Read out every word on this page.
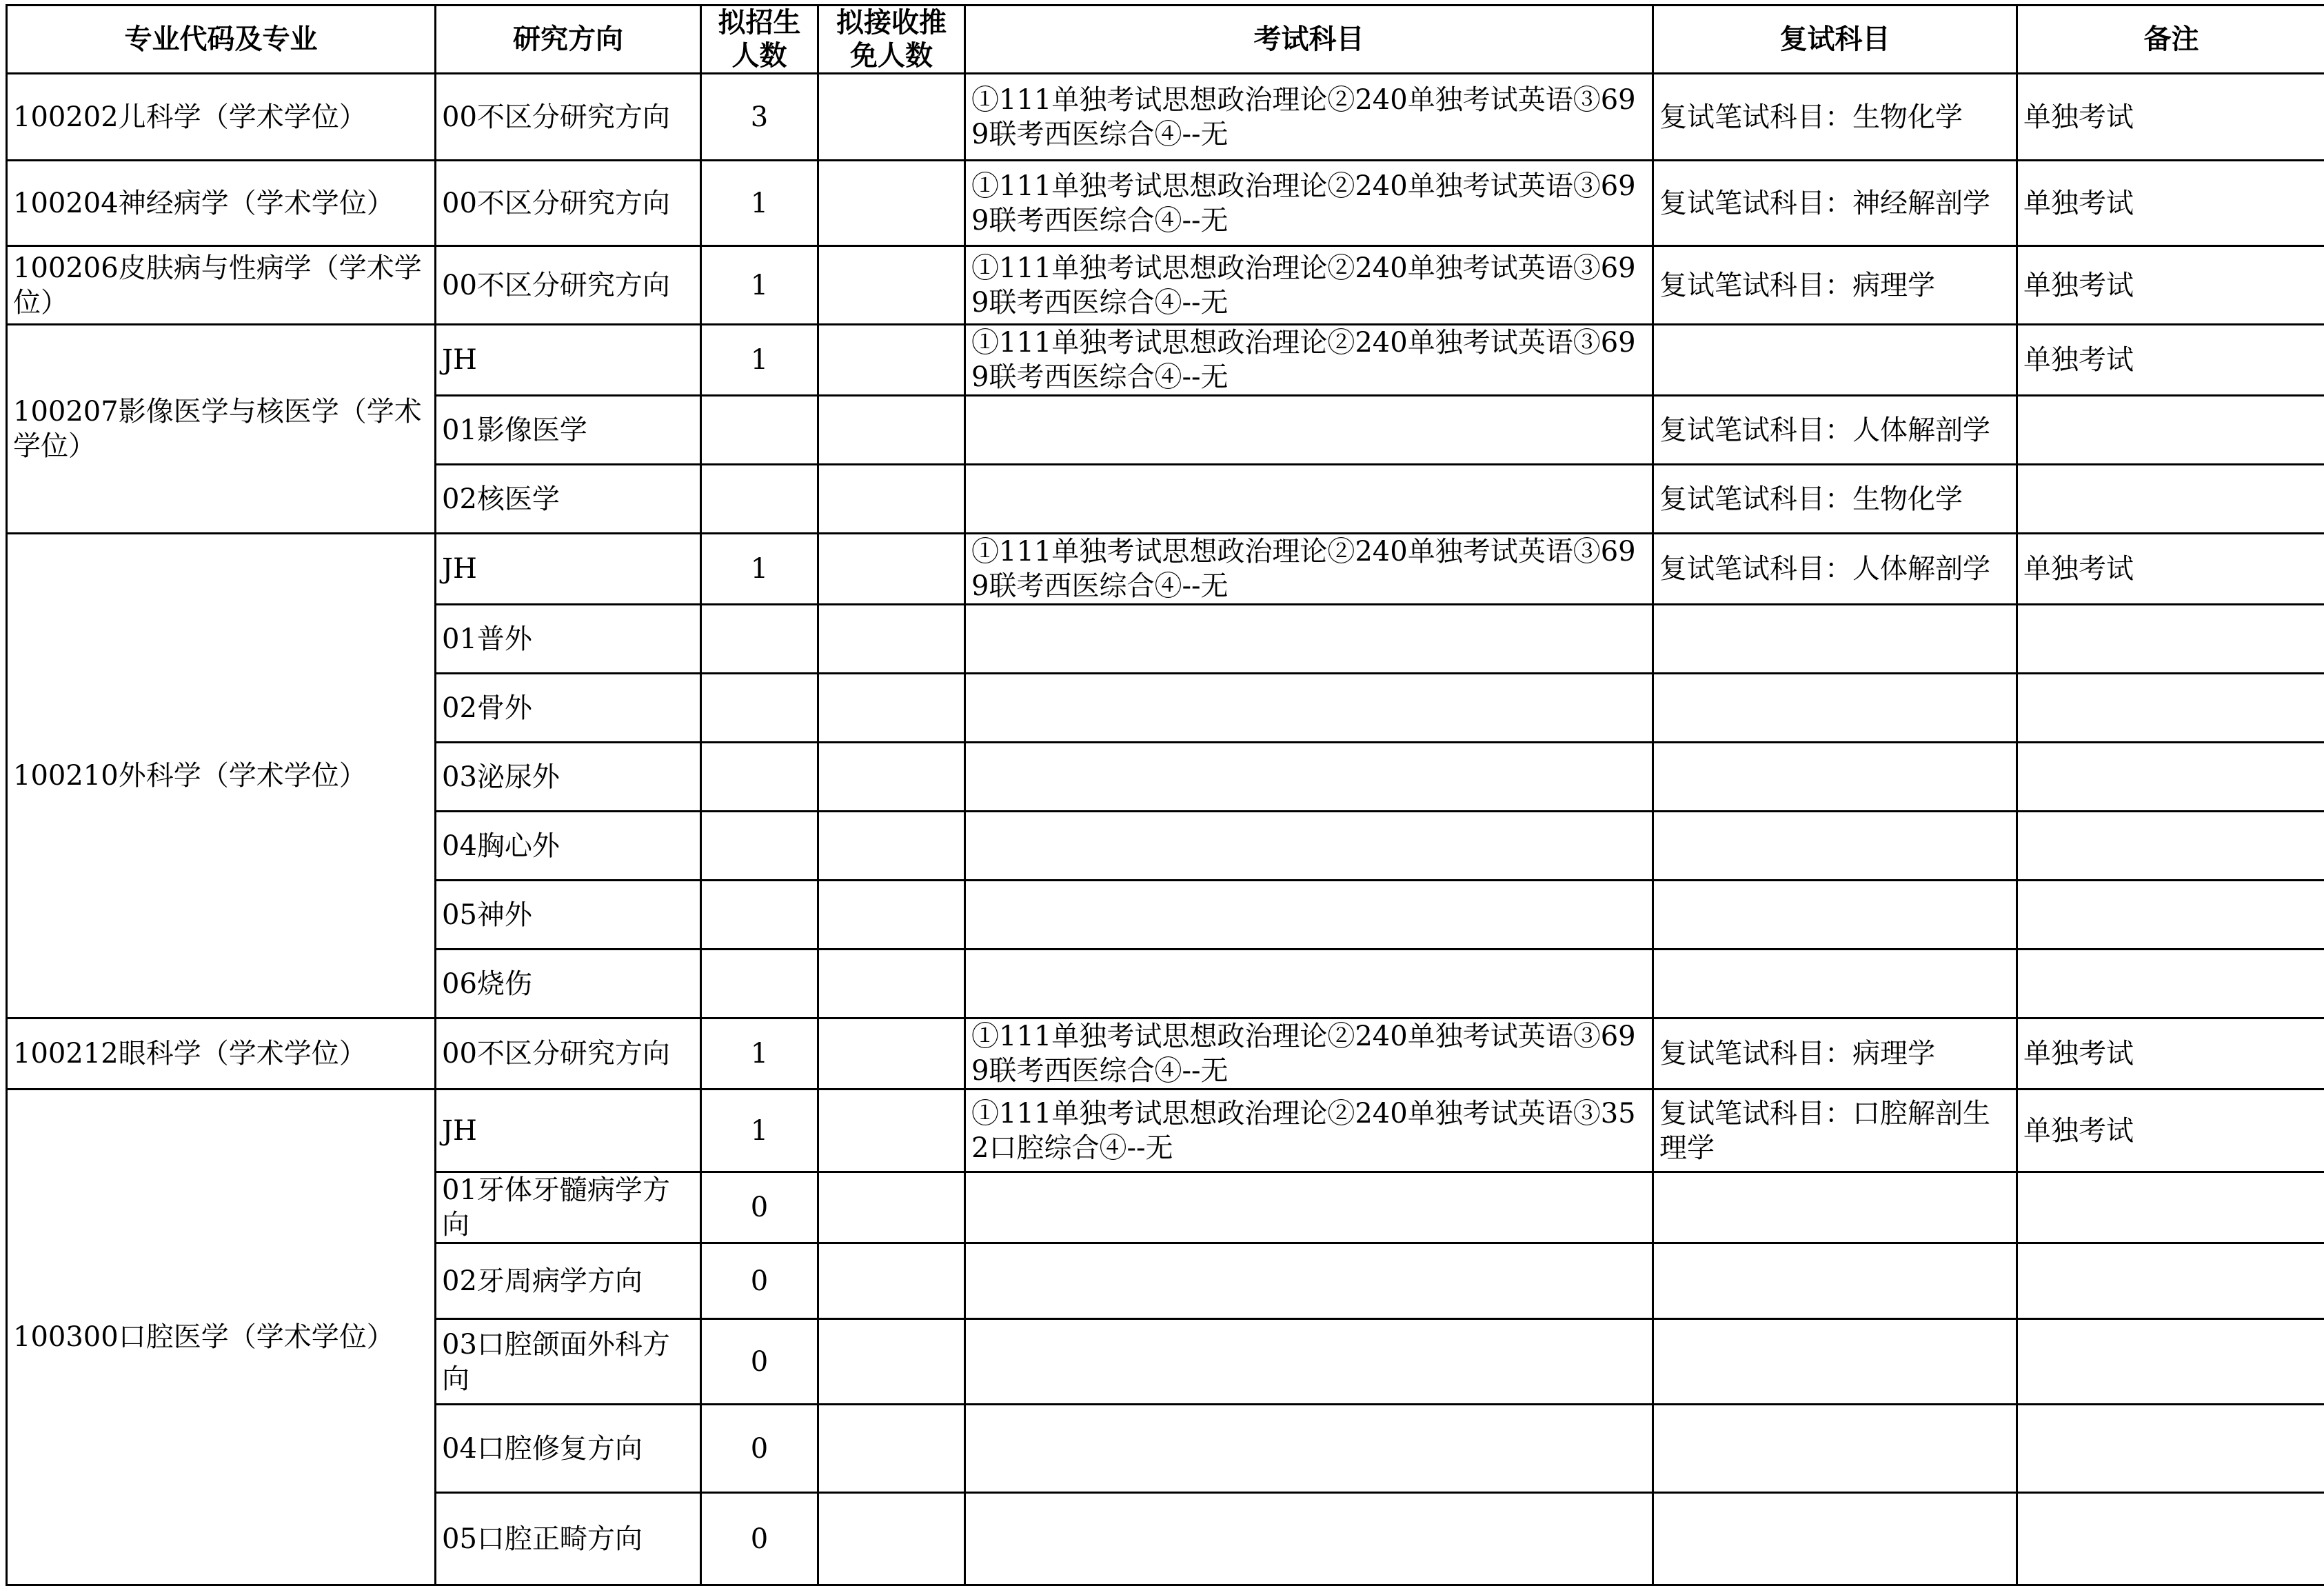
专业代码及专业	研究方向	拟招生人数	拟接收推免人数	考试科目	复试科目	备注
100202儿科学（学术学位）	00不区分研究方向	3		①111单独考试思想政治理论②240单独考试英语③699联考西医综合④--无	复试笔试科目：生物化学	单独考试
100204神经病学（学术学位）	00不区分研究方向	1		①111单独考试思想政治理论②240单独考试英语③699联考西医综合④--无	复试笔试科目：神经解剖学	单独考试
100206皮肤病与性病学（学术学位）	00不区分研究方向	1		①111单独考试思想政治理论②240单独考试英语③699联考西医综合④--无	复试笔试科目：病理学	单独考试
100207影像医学与核医学（学术学位）	JH	1		①111单独考试思想政治理论②240单独考试英语③699联考西医综合④--无		单独考试
	01影像医学				复试笔试科目：人体解剖学	
	02核医学				复试笔试科目：生物化学	
100210外科学（学术学位）	JH	1		①111单独考试思想政治理论②240单独考试英语③699联考西医综合④--无	复试笔试科目：人体解剖学	单独考试
	01普外					
	02骨外					
	03泌尿外					
	04胸心外					
	05神外					
	06烧伤					
100212眼科学（学术学位）	00不区分研究方向	1		①111单独考试思想政治理论②240单独考试英语③699联考西医综合④--无	复试笔试科目：病理学	单独考试
100300口腔医学（学术学位）	JH	1		①111单独考试思想政治理论②240单独考试英语③352口腔综合④--无	复试笔试科目：口腔解剖生理学	单独考试
	01牙体牙髓病学方向	0				
	02牙周病学方向	0				
	03口腔颌面外科方向	0				
	04口腔修复方向	0				
	05口腔正畸方向	0				
